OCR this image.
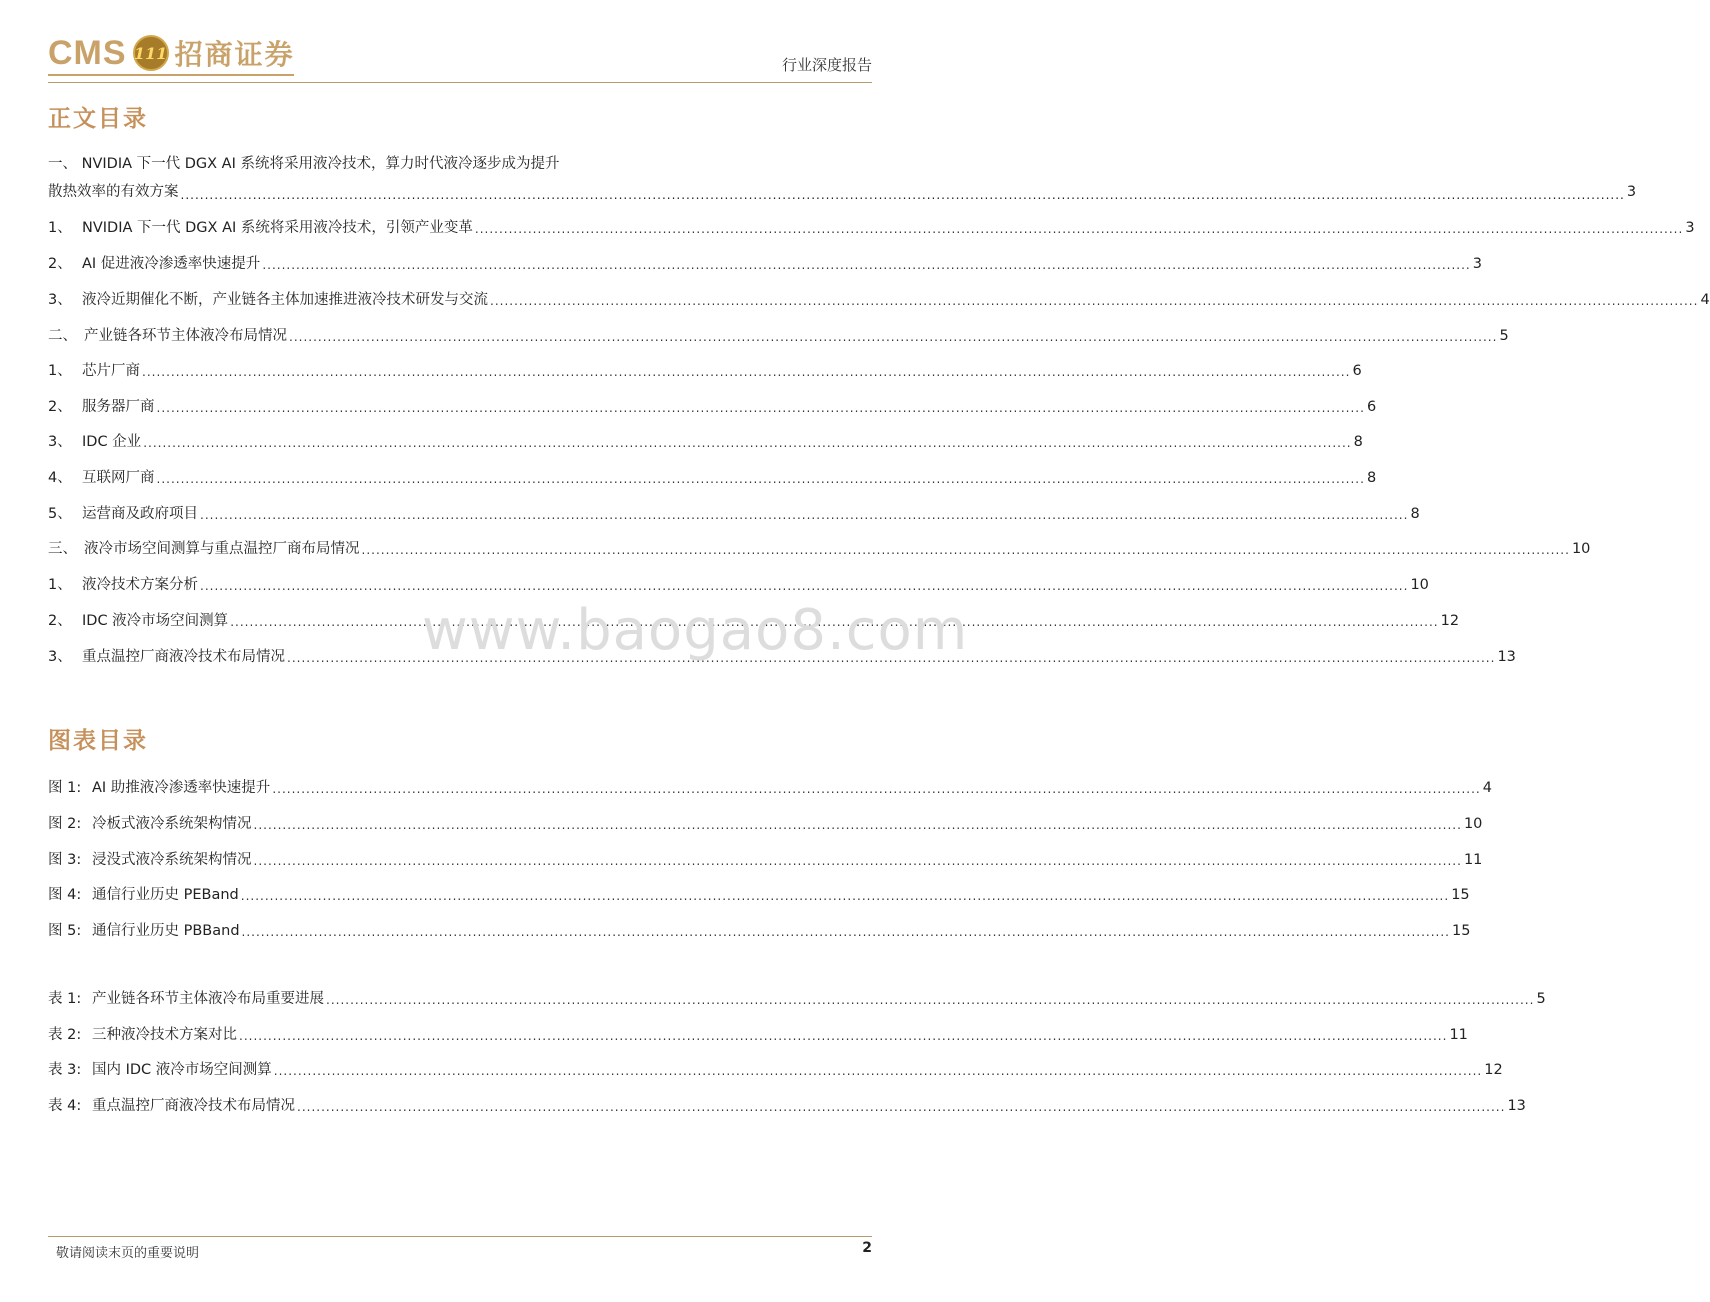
CMS 111 招商证券	行业深度报告
正文目录
一、 NVIDIA 下一代 DGX AI 系统将采用液冷技术，算力时代液冷逐步成为提升
散热效率的有效方案 ............................................................................................................................................................................................................................................................................................................ 3
1、 NVIDIA 下一代 DGX AI 系统将采用液冷技术，引领产业变革 .....	3
2、 AI 促进液冷渗透率快速提升 .....	3
3、 液冷近期催化不断，产业链各主体加速推进液冷技术研发与交流 .....	4
二、 产业链各环节主体液冷布局情况 .....	5
1、 芯片厂商 .....	6
2、 服务器厂商 .....	6
3、 IDC 企业 .....	8
4、 互联网厂商 .....	8
5、 运营商及政府项目 .....	8
三、 液冷市场空间测算与重点温控厂商布局情况 .....	10
1、 液冷技术方案分析 .....	10
2、 IDC 液冷市场空间测算 .....	12
3、 重点温控厂商液冷技术布局情况 .....	13
图表目录
图 1: AI 助推液冷渗透率快速提升 .....	4
图 2: 冷板式液冷系统架构情况 .....	10
图 3: 浸没式液冷系统架构情况 .....	11
图 4: 通信行业历史 PEBand .....	15
图 5: 通信行业历史 PBBand .....	15
表 1: 产业链各环节主体液冷布局重要进展 .....	5
表 2: 三种液冷技术方案对比 .....	11
表 3: 国内 IDC 液冷市场空间测算 .....	12
表 4: 重点温控厂商液冷技术布局情况 .....	13
www.baogao8.com
敬请阅读末页的重要说明	2
